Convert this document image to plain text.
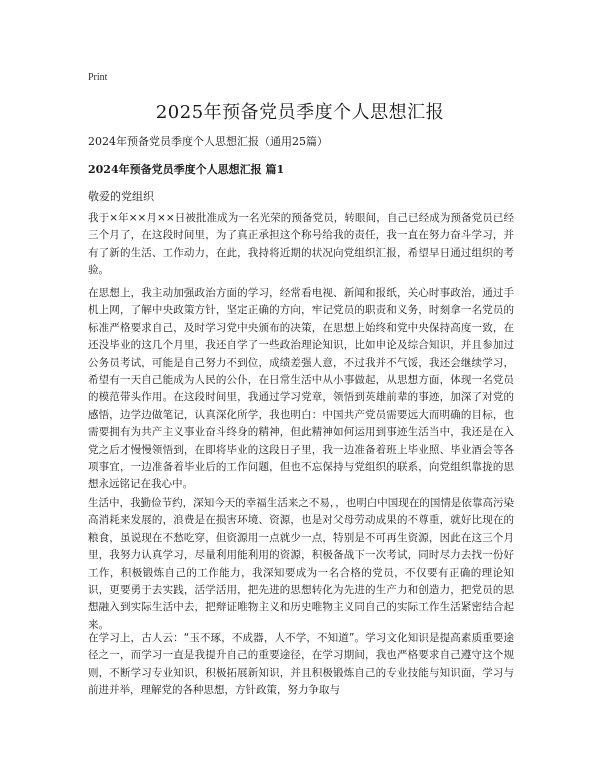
Print
2025年预备党员季度个人思想汇报

2024年预备党员季度个人思想汇报（通用25篇）

2024年预备党员季度个人思想汇报 篇1

敬爱的党组织

我于×年××月××日被批准成为一名光荣的预备党员，转眼间，自己已经成为预备党员已经三个月了，在这段时间里，为了真正承担这个称号给我的责任，我一直在努力奋斗学习，并有了新的生活、工作动力，在此，我持将近期的状况向党组织汇报，希望早日通过组织的考验。

在思想上，我主动加强政治方面的学习，经常看电视、新闻和报纸，关心时事政治，通过手机上网，了解中央政策方针，坚定正确的方向，牢记党员的职责和义务，时刻拿一名党员的标准严格要求自己，及时学习党中央颁布的决策，在思想上始终和党中央保持高度一致，在还没毕业的这几个月里，我还自学了一些政治理论知识，比如申论及综合知识，并且参加过公务员考试，可能是自己努力不到位，成绩差强人意，不过我并不气馁，我还会继续学习，希望有一天自己能成为人民的公仆，在日常生活中从小事做起，从思想方面，体现一名党员的模范带头作用。在这段时间里，我通过学习党章，领悟到英雄前辈的事迹，加深了对党的感悟，边学边做笔记，认真深化所学，我也明白：中国共产党员需要远大而明确的目标，也需要拥有为共产主义事业奋斗终身的精神，但此精神如何运用到事迹生活当中，我还是在入党之后才慢慢领悟到，在即将毕业的这段日子里，我一边准备着班上毕业照、毕业酒会等各项事宜，一边准备着毕业后的工作问题，但也不忘保持与党组织的联系，向党组织靠拢的思想永远铭记在我心中。

生活中，我勤俭节约，深知今天的幸福生活来之不易，，也明白中国现在的国情是依靠高污染高消耗来发展的，浪费是在损害环境、资源，也是对父母劳动成果的不尊重，就好比现在的粮食，虽说现在不愁吃穿，但资源用一点就少一点，特别是不可再生资源，因此在这三个月里，我努力认真学习，尽量利用能利用的资源，积极备战下一次考试，同时尽力去找一份好工作，积极锻炼自己的工作能力，我深知要成为一名合格的党员，不仅要有正确的理论知识，更要勇于去实践，活学活用，把先进的思想转化为先进的生产力和创造力，把党员的思想融入到实际生活中去，把辩证唯物主义和历史唯物主义同自己的实际工作生活紧密结合起来。

在学习上，古人云：“玉不琢，不成器，人不学，不知道”。学习文化知识是提高素质重要途径之一，而学习一直是我提升自己的重要途径，在学习期间，我也严格要求自己遵守这个规则，不断学习专业知识，积极拓展新知识，并且积极锻炼自己的专业技能与知识面，学习与前进并举，理解党的各种思想，方针政策，努力争取与
